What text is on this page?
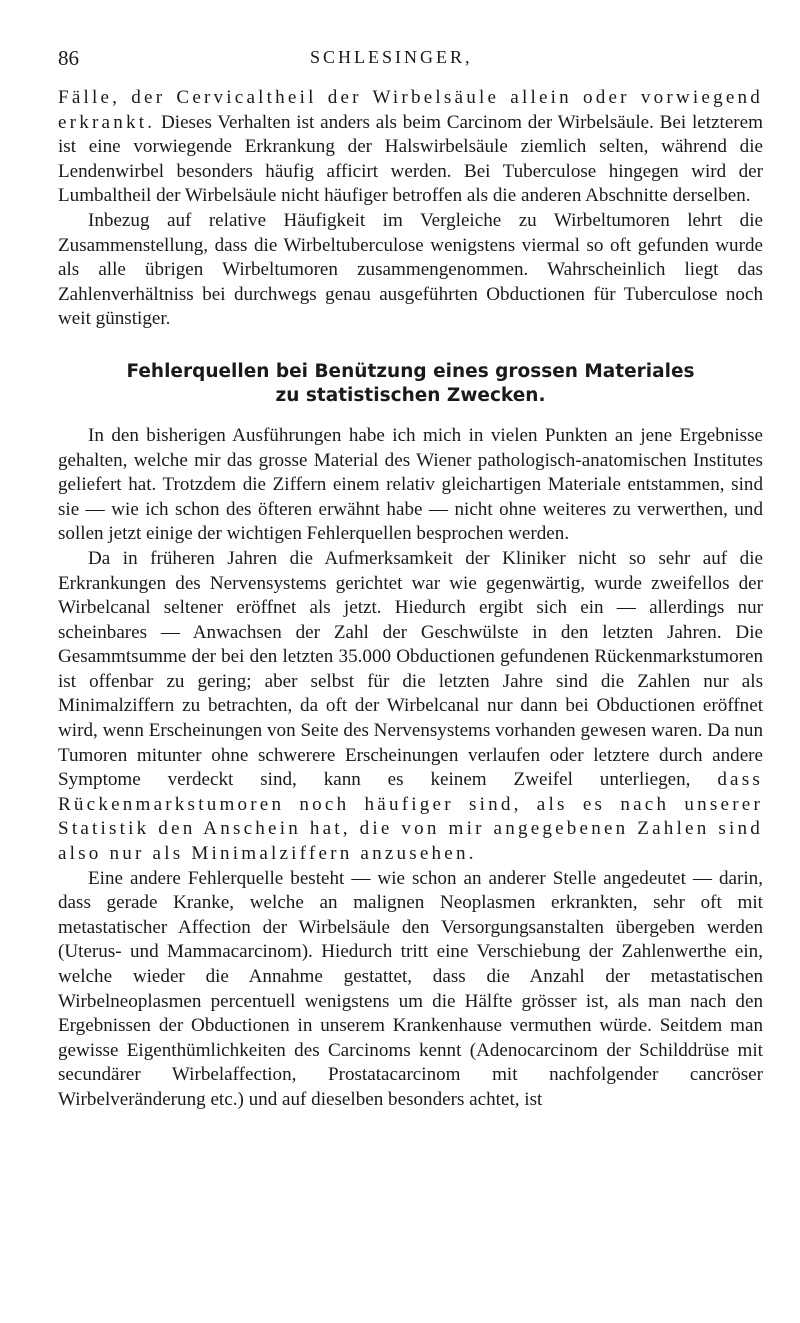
86	SCHLESINGER,

Fälle, der Cervicaltheil der Wirbelsäule allein oder vorwiegend erkrankt. Dieses Verhalten ist anders als beim Carcinom der Wirbelsäule. Bei letzterem ist eine vorwiegende Erkrankung der Halswirbelsäule ziemlich selten, während die Lendenwirbel besonders häufig afficirt werden. Bei Tuberculose hingegen wird der Lumbaltheil der Wirbelsäule nicht häufiger betroffen als die anderen Abschnitte derselben.

Inbezug auf relative Häufigkeit im Vergleiche zu Wirbeltumoren lehrt die Zusammenstellung, dass die Wirbeltuberculose wenigstens viermal so oft gefunden wurde als alle übrigen Wirbeltumoren zusammengenommen. Wahrscheinlich liegt das Zahlenverhältniss bei durchwegs genau ausgeführten Obductionen für Tuberculose noch weit günstiger.

Fehlerquellen bei Benützung eines grossen Materiales
zu statistischen Zwecken.

In den bisherigen Ausführungen habe ich mich in vielen Punkten an jene Ergebnisse gehalten, welche mir das grosse Material des Wiener pathologisch-anatomischen Institutes geliefert hat. Trotzdem die Ziffern einem relativ gleichartigen Materiale entstammen, sind sie — wie ich schon des öfteren erwähnt habe — nicht ohne weiteres zu verwerthen, und sollen jetzt einige der wichtigen Fehlerquellen besprochen werden.

Da in früheren Jahren die Aufmerksamkeit der Kliniker nicht so sehr auf die Erkrankungen des Nervensystems gerichtet war wie gegenwärtig, wurde zweifellos der Wirbelcanal seltener eröffnet als jetzt. Hiedurch ergibt sich ein — allerdings nur scheinbares — Anwachsen der Zahl der Geschwülste in den letzten Jahren. Die Gesammtsumme der bei den letzten 35.000 Obductionen gefundenen Rückenmarkstumoren ist offenbar zu gering; aber selbst für die letzten Jahre sind die Zahlen nur als Minimalziffern zu betrachten, da oft der Wirbelcanal nur dann bei Obductionen eröffnet wird, wenn Erscheinungen von Seite des Nervensystems vorhanden gewesen waren. Da nun Tumoren mitunter ohne schwerere Erscheinungen verlaufen oder letztere durch andere Symptome verdeckt sind, kann es keinem Zweifel unterliegen, dass Rückenmarkstumoren noch häufiger sind, als es nach unserer Statistik den Anschein hat, die von mir angegebenen Zahlen sind also nur als Minimalziffern anzusehen.

Eine andere Fehlerquelle besteht — wie schon an anderer Stelle angedeutet — darin, dass gerade Kranke, welche an malignen Neoplasmen erkrankten, sehr oft mit metastatischer Affection der Wirbelsäule den Versorgungsanstalten übergeben werden (Uterus- und Mammacarcinom). Hiedurch tritt eine Verschiebung der Zahlenwerthe ein, welche wieder die Annahme gestattet, dass die Anzahl der metastatischen Wirbelneoplasmen percentuell wenigstens um die Hälfte grösser ist, als man nach den Ergebnissen der Obductionen in unserem Krankenhause vermuthen würde. Seitdem man gewisse Eigenthümlichkeiten des Carcinoms kennt (Adenocarcinom der Schilddrüse mit secundärer Wirbelaffection, Prostatacarcinom mit nachfolgender cancröser Wirbelveränderung etc.) und auf dieselben besonders achtet, ist
